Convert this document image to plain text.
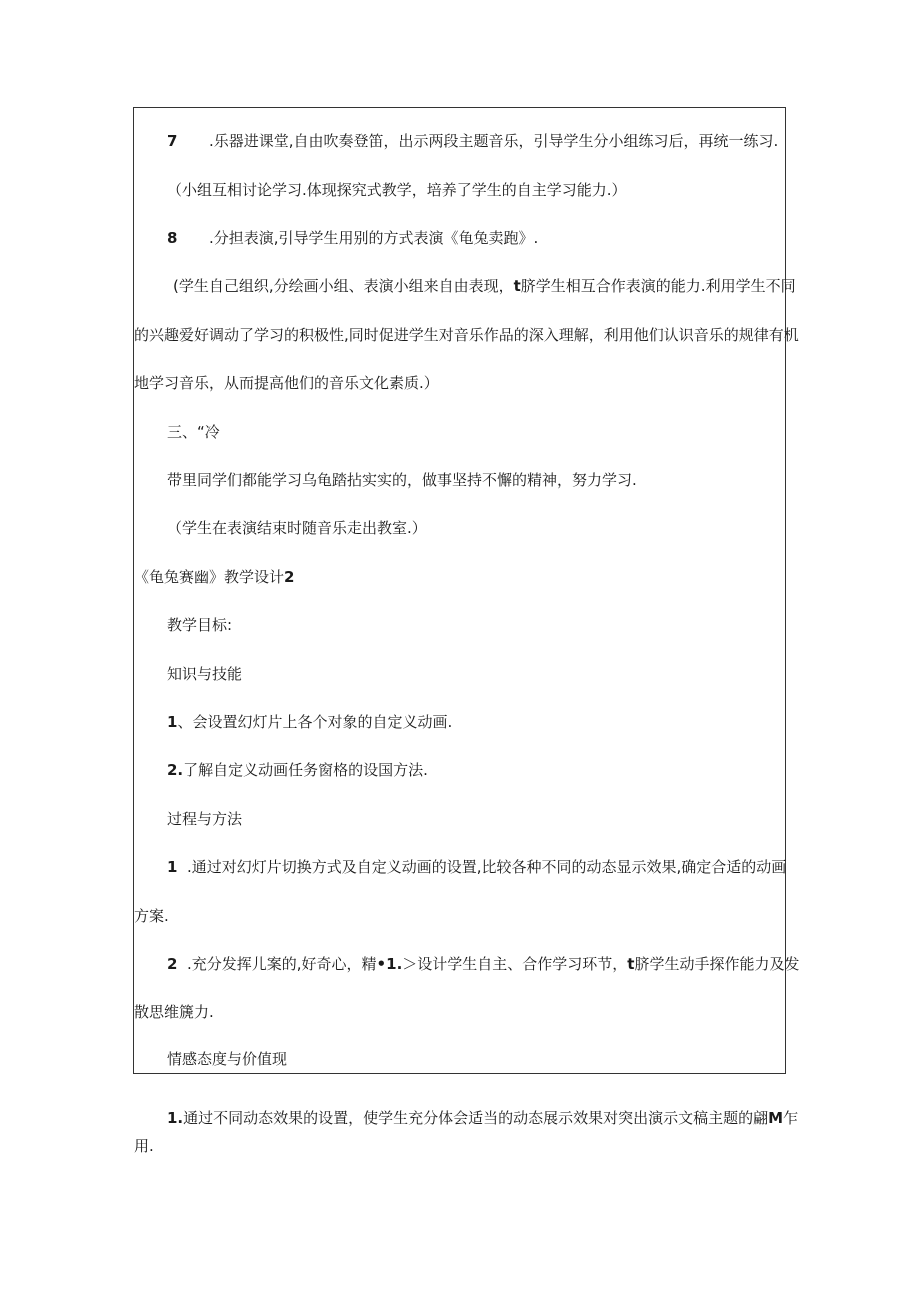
7 .乐器进课堂,自由吹奏登笛，出示两段主题音乐，引导学生分小组练习后，再统一练习.
（小组互相讨论学习.体现探究式教学，培养了学生的自主学习能力.）
8 .分担表演,引导学生用别的方式表演《龟兔卖跑》.
(学生自己组织,分绘画小组、表演小组来自由表现，t脐学生相互合作表演的能力.利用学生不同
的兴趣爱好调动了学习的积极性,同时促进学生对音乐作品的深入理解，利用他们认识音乐的规律有机
地学习音乐，从而提高他们的音乐文化素质.）
三、“冷
带里同学们都能学习乌龟踏拈实实的，做事坚持不懈的精神，努力学习.
（学生在表演结束时随音乐走出教室.）
《龟兔赛幽》教学设计2
教学目标:
知识与技能
1、会设置幻灯片上各个对象的自定义动画.
2.了解自定义动画任务窗格的设国方法.
过程与方法
1 .通过对幻灯片切换方式及自定义动画的设置,比较各种不同的动态显示效果,确定合适的动画
方案.
2 .充分发挥儿案的,好奇心，精•1.＞设计学生自主、合作学习环节，t脐学生动手探作能力及发
散思维篪力.
情感态度与价值现
1.通过不同动态效果的设置，使学生充分体会适当的动态展示效果对突出演示文稿主题的翩M乍
用.
